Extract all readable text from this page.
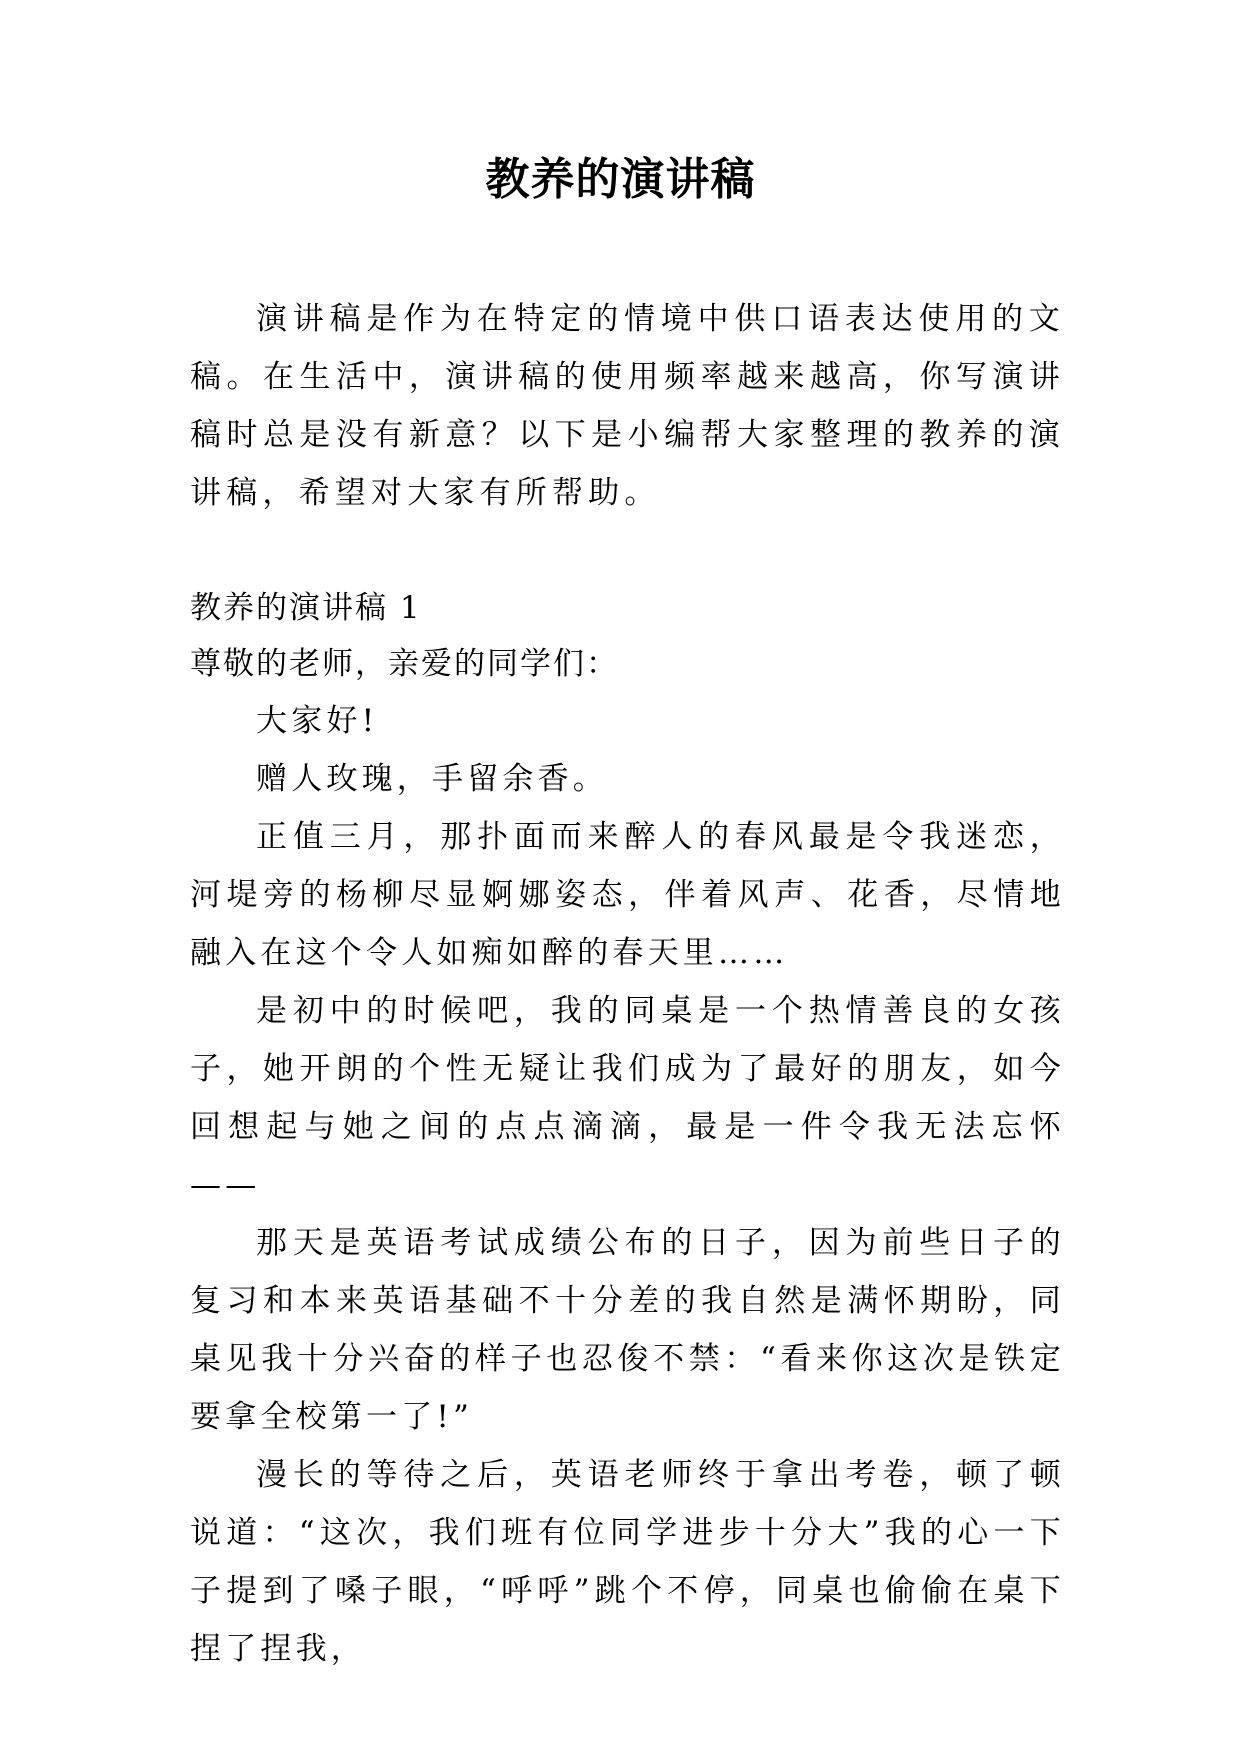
教养的演讲稿

演讲稿是作为在特定的情境中供口语表达使用的文稿。在生活中，演讲稿的使用频率越来越高，你写演讲稿时总是没有新意？以下是小编帮大家整理的教养的演讲稿，希望对大家有所帮助。

教养的演讲稿 1

尊敬的老师，亲爱的同学们：

大家好!

赠人玫瑰，手留余香。

正值三月，那扑面而来醉人的春风最是令我迷恋，河堤旁的杨柳尽显婀娜姿态，伴着风声、花香，尽情地融入在这个令人如痴如醉的春天里……

是初中的时候吧，我的同桌是一个热情善良的女孩子，她开朗的个性无疑让我们成为了最好的朋友，如今回想起与她之间的点点滴滴，最是一件令我无法忘怀——

那天是英语考试成绩公布的日子，因为前些日子的复习和本来英语基础不十分差的我自然是满怀期盼，同桌见我十分兴奋的样子也忍俊不禁：“看来你这次是铁定要拿全校第一了!”

漫长的等待之后，英语老师终于拿出考卷，顿了顿说道：“这次，我们班有位同学进步十分大”我的心一下子提到了嗓子眼，“呼呼”跳个不停，同桌也偷偷在桌下捏了捏我，
